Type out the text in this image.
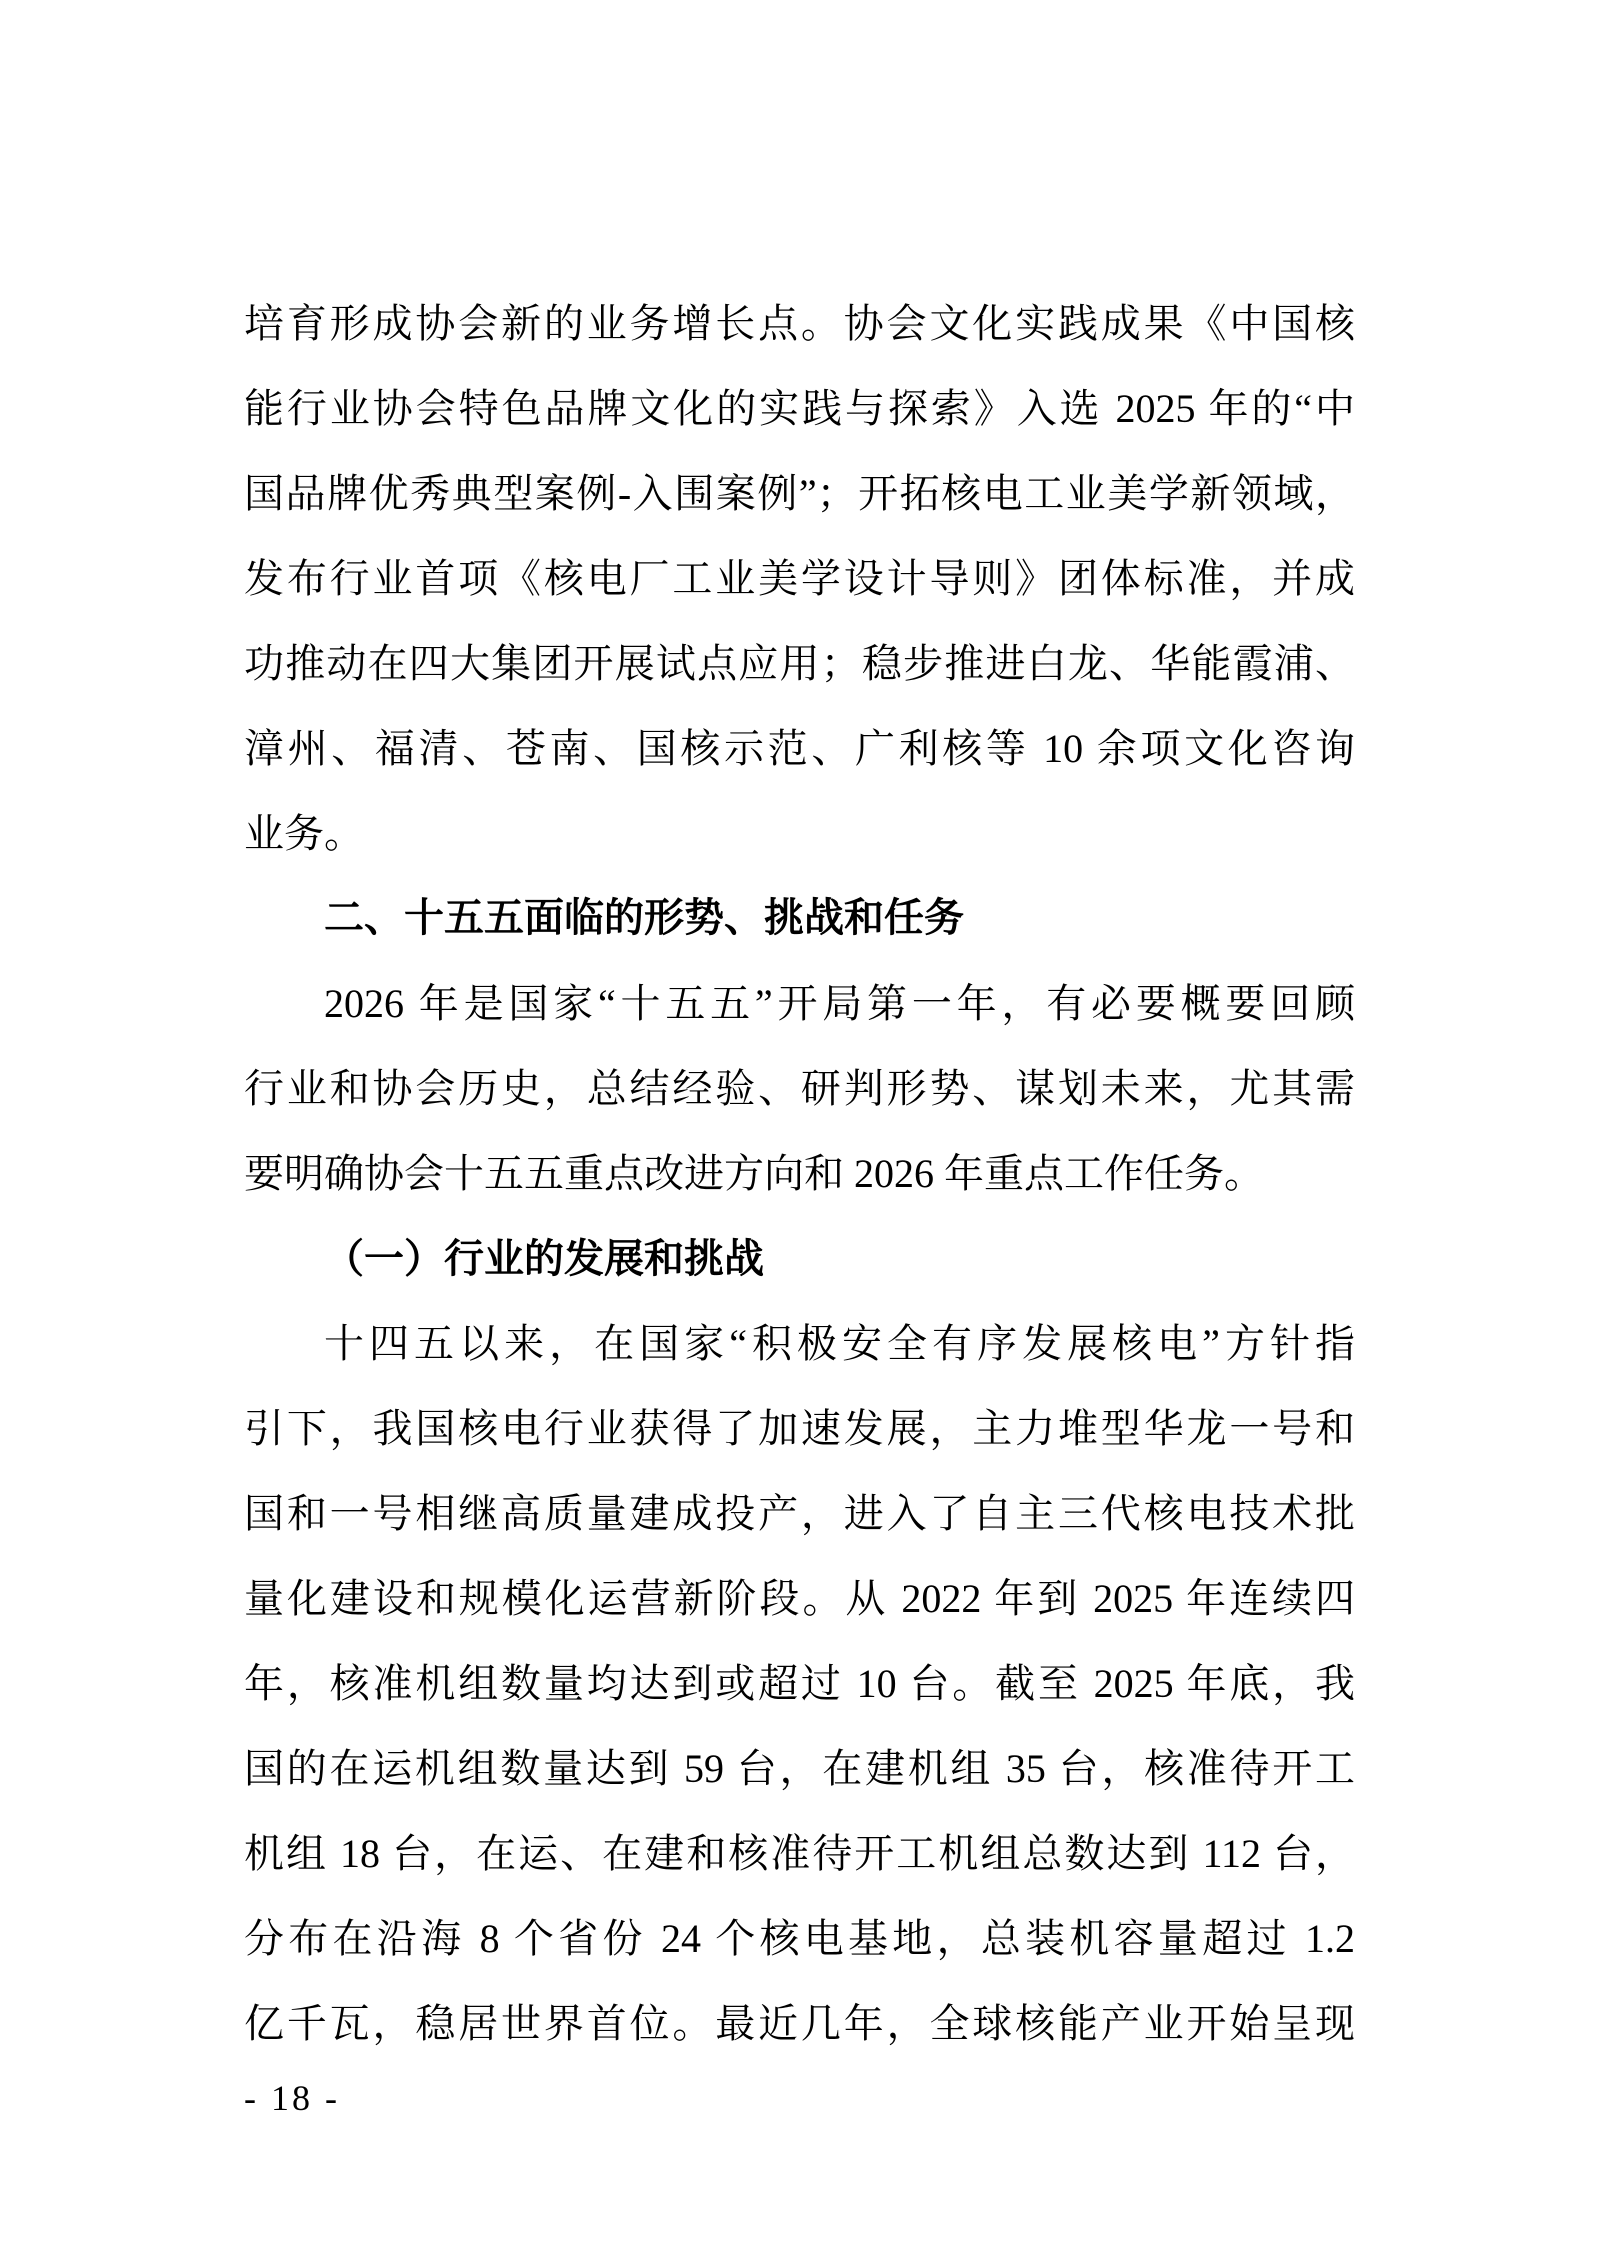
培育形成协会新的业务增长点。协会文化实践成果《中国核
能行业协会特色品牌文化的实践与探索》入选 2025 年的“中
国品牌优秀典型案例-入围案例”；开拓核电工业美学新领域，
发布行业首项《核电厂工业美学设计导则》团体标准，并成
功推动在四大集团开展试点应用；稳步推进白龙、华能霞浦、
漳州、福清、苍南、国核示范、广利核等 10 余项文化咨询
业务。
二、十五五面临的形势、挑战和任务
2026 年是国家“十五五”开局第一年，有必要概要回顾
行业和协会历史，总结经验、研判形势、谋划未来，尤其需
要明确协会十五五重点改进方向和 2026 年重点工作任务。
（一）行业的发展和挑战
十四五以来，在国家“积极安全有序发展核电”方针指
引下，我国核电行业获得了加速发展，主力堆型华龙一号和
国和一号相继高质量建成投产，进入了自主三代核电技术批
量化建设和规模化运营新阶段。从 2022 年到 2025 年连续四
年，核准机组数量均达到或超过 10 台。截至 2025 年底，我
国的在运机组数量达到 59 台，在建机组 35 台，核准待开工
机组 18 台，在运、在建和核准待开工机组总数达到 112 台，
分布在沿海 8 个省份 24 个核电基地，总装机容量超过 1.2
亿千瓦，稳居世界首位。最近几年，全球核能产业开始呈现
- 18 -
